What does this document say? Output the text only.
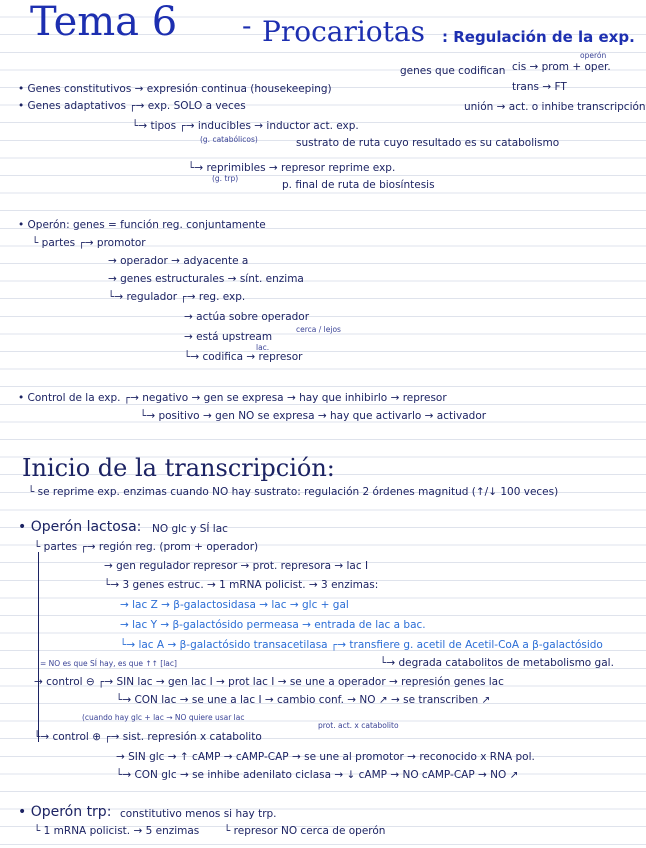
Tema 6 - Procariotas : Regulación de la exp.
operón
genes que codifican cis → prom + oper.
trans → FT
unión → act. o inhibe transcripción
• Genes constitutivos → expresión continua (housekeeping)
• Genes adaptativos ┌→ exp. SOLO a veces
└→ tipos ┌→ inducibles → inductor act. exp.
(g. catabólicos)	sustrato de ruta cuyo resultado es su catabolismo
└→ reprimibles → represor reprime exp.
(g. trp)
p. final de ruta de biosíntesis
• Operón: genes = función reg. conjuntamente
└ partes ┌→ promotor
→ operador → adyacente a
→ genes estructurales → sínt. enzima
└→ regulador ┌→ reg. exp.
→ actúa sobre operador
→ está upstream
cerca / lejos
lac.
└→ codifica → represor
• Control de la exp. ┌→ negativo → gen se expresa → hay que inhibirlo → represor
└→ positivo → gen NO se expresa → hay que activarlo → activador
Inicio de la transcripción:
└ se reprime exp. enzimas cuando NO hay sustrato: regulación 2 órdenes magnitud (↑/↓ 100 veces)
• Operón lactosa: NO glc y SÍ lac
└ partes ┌→ región reg. (prom + operador)
→ gen regulador represor → prot. represora → lac I
└→ 3 genes estruc. → 1 mRNA policist. → 3 enzimas:
→ lac Z → β-galactosidasa → lac → glc + gal
→ lac Y → β-galactósido permeasa → entrada de lac a bac.
└→ lac A → β-galactósido transacetilasa ┌→ transfiere g. acetil de Acetil-CoA a β-galactósido
└→ degrada catabolitos de metabolismo gal.
= NO es que SÍ hay, es que ↑↑ [lac]
→ control ⊖ ┌→ SIN lac → gen lac I → prot lac I → se une a operador → represión genes lac
└→ CON lac → se une a lac I → cambio conf. → NO ↗ → se transcriben ↗
(cuando hay glc + lac → NO quiere usar lac
prot. act. x catabolito
└→ control ⊕ ┌→ sist. represión x catabolito
→ SIN glc → ↑ cAMP → cAMP-CAP → se une al promotor → reconocido x RNA pol.
└→ CON glc → se inhibe adenilato ciclasa → ↓ cAMP → NO cAMP-CAP → NO ↗
• Operón trp: constitutivo menos si hay trp.
└ 1 mRNA policist. → 5 enzimas └ represor NO cerca de operón
